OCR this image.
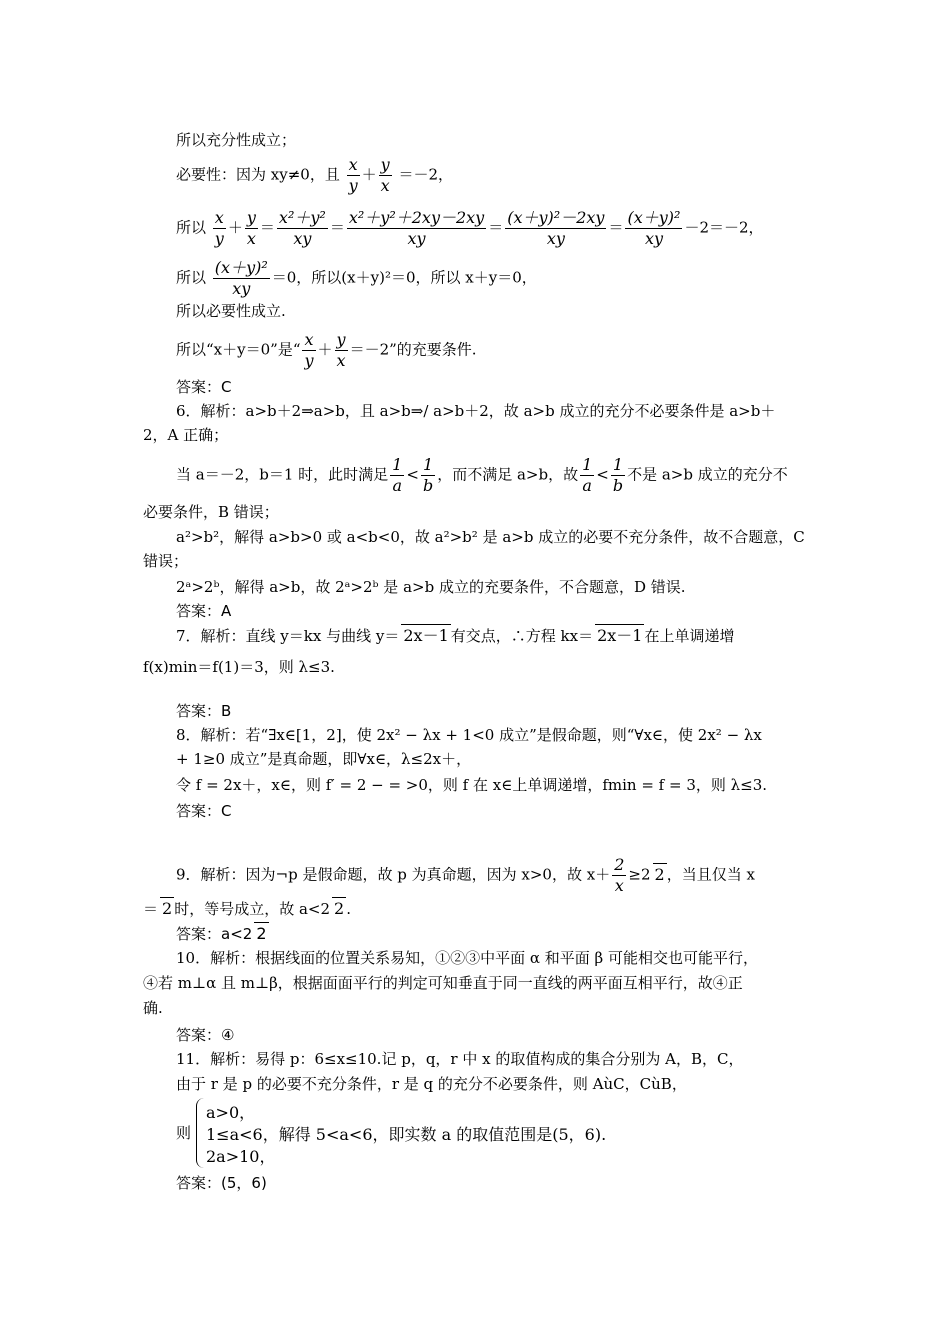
所以充分性成立；
必要性：因为 xy≠0，且 $\frac{x}{y} + \frac{y}{x} =-2$，
所以 $\frac{x}{y} + \frac{y}{x} = \frac{\text{x²＋y²}}{xy} = \frac{\text{x²＋y²＋2xy－2xy}}{xy} = \frac{\text{(x＋y)²－2xy}}{xy} = \frac{\text{(x＋y)²}}{xy} -2=-2$，
所以 $\frac{\text{(x＋y)²}}{xy} =0$，所以(x＋y)²＝0，所以 x＋y＝0，
所以必要性成立.
所以“x＋y＝0”是“ $\frac{x}{y} + \frac{y}{x} =-2$”的充要条件.
答案：C
6．解析：a>b＋2⇒a>b，且 a>b⇒/ a>b＋2，故 a>b 成立的充分不必要条件是 a>b＋
2，A 正确；
当 a＝－2，b＝1 时，此时满足 $\frac{1}{a} < \frac{1}{b}$ ，而不满足 a>b，故 $\frac{1}{a} < \frac{1}{b}$ 不是 a>b 成立的充分不
必要条件，B 错误；
a²>b²，解得 a>b>0 或 a<b<0，故 a²>b² 是 a>b 成立的必要不充分条件，故不合题意，C
错误；
2ᵃ>2ᵇ，解得 a>b，故 2ᵃ>2ᵇ 是 a>b 成立的充要条件，不合题意，D 错误.
答案：A
7．解析：直线 y＝kx 与曲线 y＝ 2x－1 有交点，∴方程 kx＝ 2x－1 在上单调递增
f(x)min＝f(1)＝3，则 λ≤3.
答案：B
8．解析：若“∃x∈[1，2]，使 2x² − λx + 1<0 成立”是假命题，则“∀x∈，使 2x² − λx
+ 1≥0 成立”是真命题，即∀x∈，λ≤2x＋，
令 f = 2x＋，x∈，则 f′ = 2 − = >0，则 f 在 x∈上单调递增，fmin = f = 3，则 λ≤3.
答案：C
9．解析：因为¬p 是假命题，故 p 为真命题，因为 x>0，故 $x+ \frac{2}{x} \ge 2$ 2 ，当且仅当 x
＝ 2 时，等号成立，故 a<2 2 .
答案：a<2 2
10．解析：根据线面的位置关系易知，①②③中平面 α 和平面 β 可能相交也可能平行，
④若 m⊥α 且 m⊥β，根据面面平行的判定可知垂直于同一直线的两平面互相平行，故④正
确.
答案：④
11．解析：易得 p：6≤x≤10.记 p，q，r 中 x 的取值构成的集合分别为 A，B，C，
由于 r 是 p 的必要不充分条件，r 是 q 的充分不必要条件，则 AùC，CùB，
则
a>0，
1≤a<6，解得 5<a<6，即实数 a 的取值范围是(5，6).
2a>10，
答案：(5，6)
